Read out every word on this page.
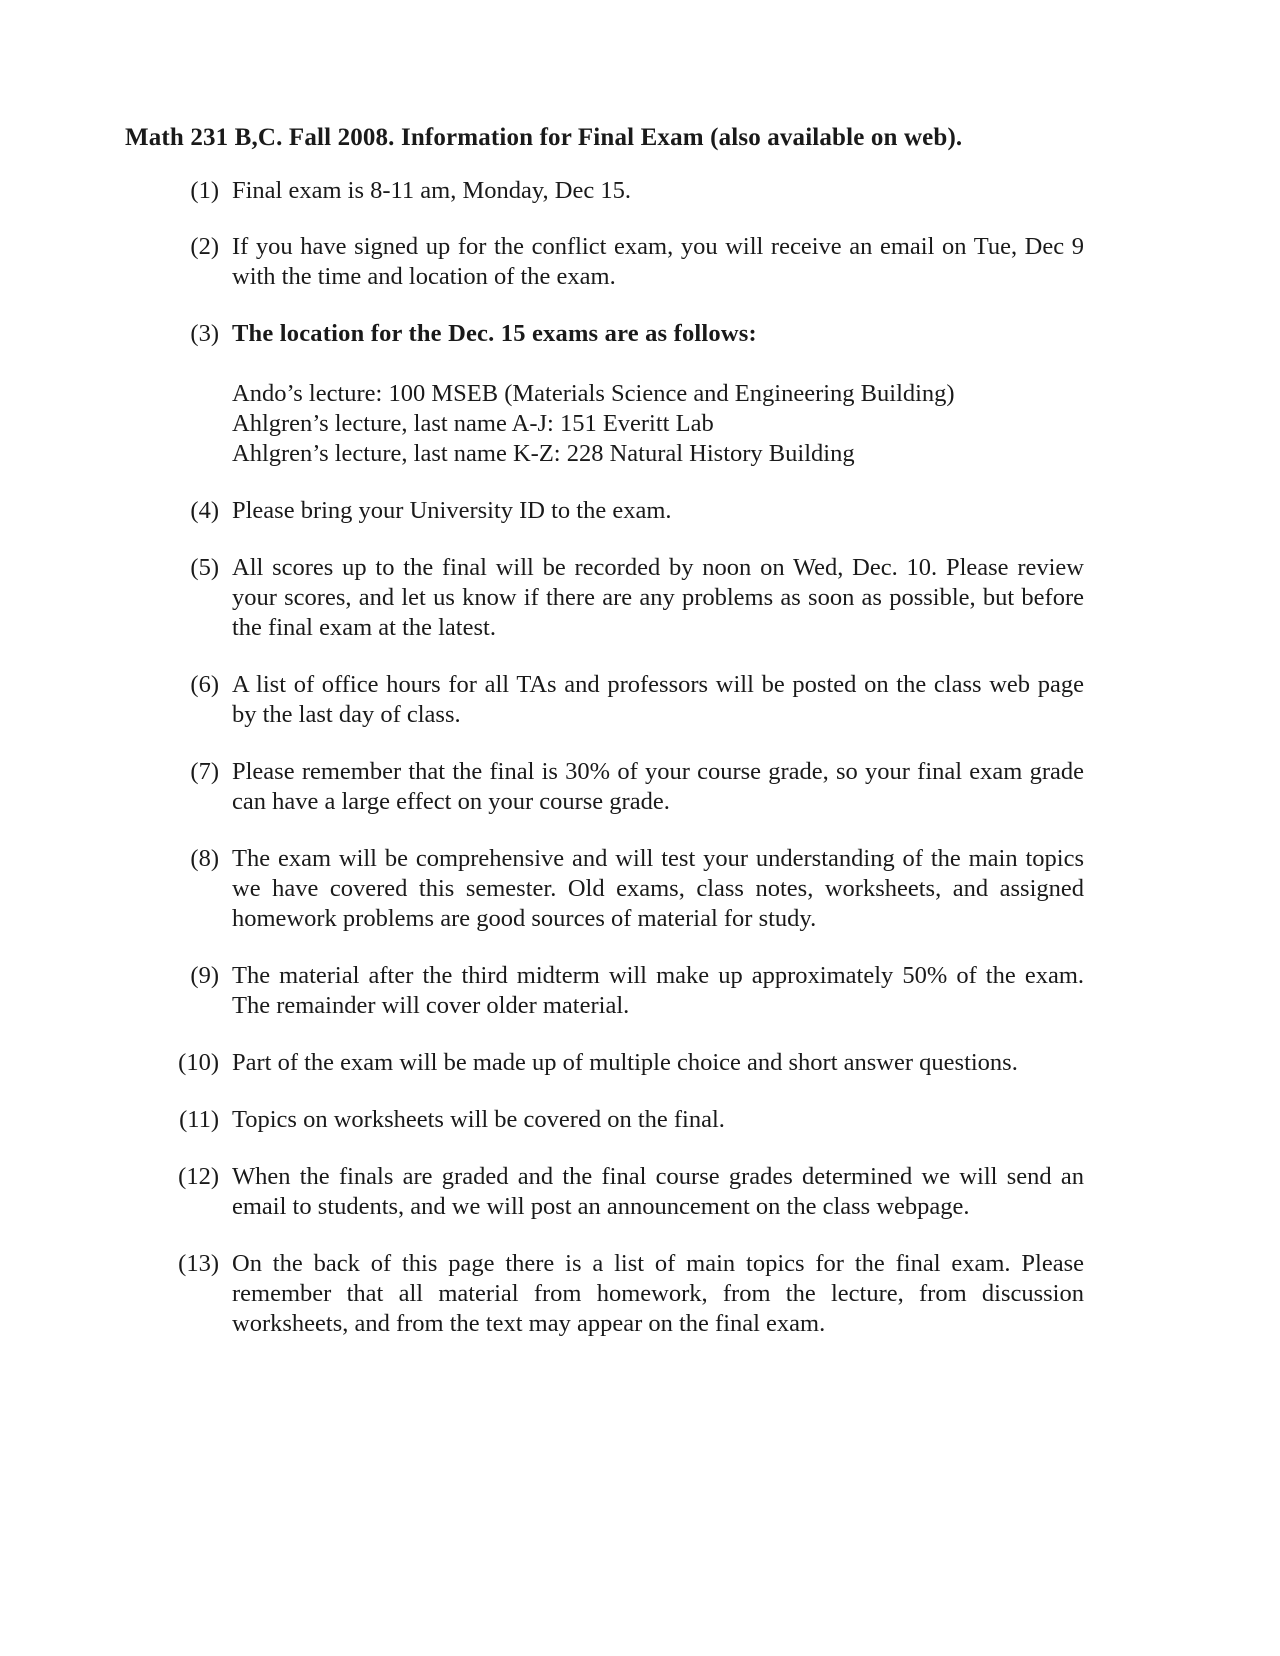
Math 231 B,C. Fall 2008. Information for Final Exam (also available on web).
(1) Final exam is 8-11 am, Monday, Dec 15.
(2) If you have signed up for the conflict exam, you will receive an email on Tue, Dec 9 with the time and location of the exam.
(3) The location for the Dec. 15 exams are as follows:
Ando’s lecture: 100 MSEB (Materials Science and Engineering Building)
Ahlgren’s lecture, last name A-J: 151 Everitt Lab
Ahlgren’s lecture, last name K-Z: 228 Natural History Building
(4) Please bring your University ID to the exam.
(5) All scores up to the final will be recorded by noon on Wed, Dec. 10. Please review your scores, and let us know if there are any problems as soon as possible, but before the final exam at the latest.
(6) A list of office hours for all TAs and professors will be posted on the class web page by the last day of class.
(7) Please remember that the final is 30% of your course grade, so your final exam grade can have a large effect on your course grade.
(8) The exam will be comprehensive and will test your understanding of the main topics we have covered this semester. Old exams, class notes, worksheets, and assigned homework problems are good sources of material for study.
(9) The material after the third midterm will make up approximately 50% of the exam. The remainder will cover older material.
(10) Part of the exam will be made up of multiple choice and short answer questions.
(11) Topics on worksheets will be covered on the final.
(12) When the finals are graded and the final course grades determined we will send an email to students, and we will post an announcement on the class webpage.
(13) On the back of this page there is a list of main topics for the final exam. Please remember that all material from homework, from the lecture, from discussion worksheets, and from the text may appear on the final exam.
